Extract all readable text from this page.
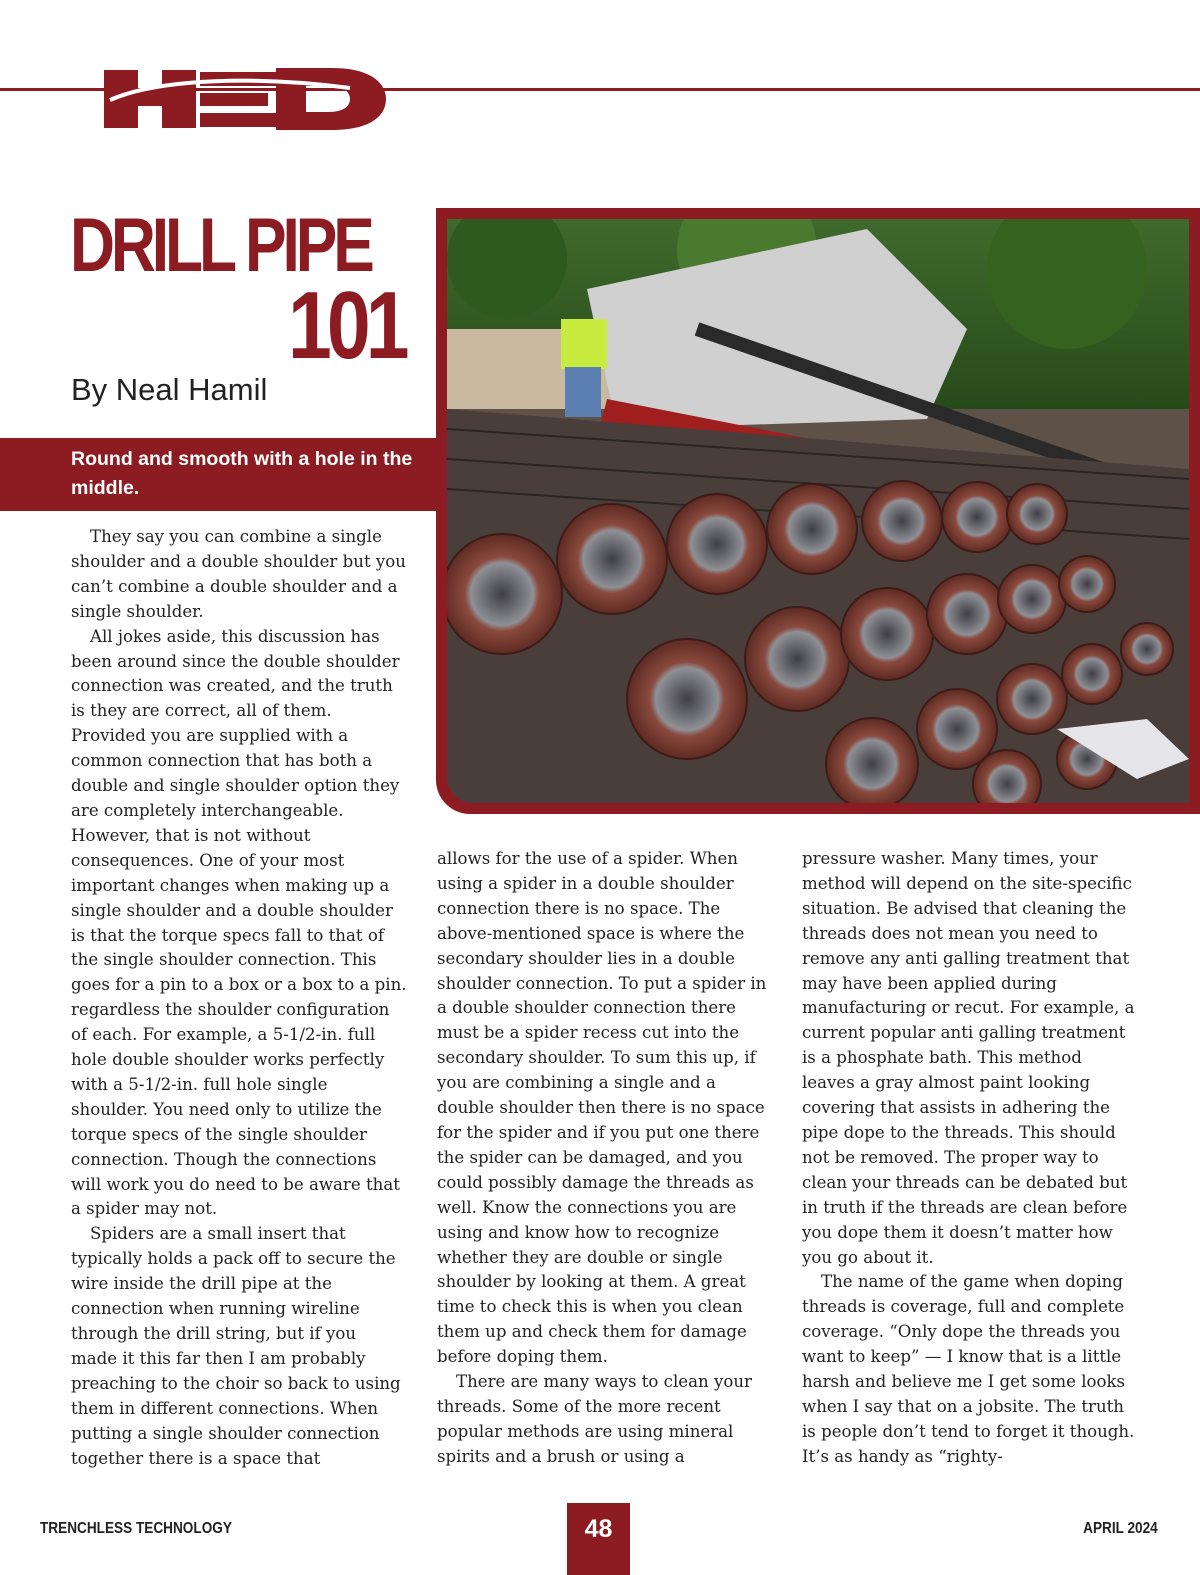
DRILL PIPE
101
By Neal Hamil
Round and smooth with a hole in the middle.

They say you can combine a single shoulder and a double shoulder but you can’t combine a double shoulder and a single shoulder.

All jokes aside, this discussion has been around since the double shoulder connection was created, and the truth is they are correct, all of them. Provided you are supplied with a common connection that has both a double and single shoulder option they are completely interchangeable. However, that is not without consequences. One of your most important changes when making up a single shoulder and a double shoulder is that the torque specs fall to that of the single shoulder connection. This goes for a pin to a box or a box to a pin. regardless the shoulder configuration of each. For example, a 5-1/2-in. full hole double shoulder works perfectly with a 5-1/2-in. full hole single shoulder. You need only to utilize the torque specs of the single shoulder connection. Though the connections will work you do need to be aware that a spider may not.

Spiders are a small insert that typically holds a pack off to secure the wire inside the drill pipe at the connection when running wireline through the drill string, but if you made it this far then I am probably preaching to the choir so back to using them in different connections. When putting a single shoulder connection together there is a space that

allows for the use of a spider. When using a spider in a double shoulder connection there is no space. The above-mentioned space is where the secondary shoulder lies in a double shoulder connection. To put a spider in a double shoulder connection there must be a spider recess cut into the secondary shoulder. To sum this up, if you are combining a single and a double shoulder then there is no space for the spider and if you put one there the spider can be damaged, and you could possibly damage the threads as well. Know the connections you are using and know how to recognize whether they are double or single shoulder by looking at them. A great time to check this is when you clean them up and check them for damage before doping them.

There are many ways to clean your threads. Some of the more recent popular methods are using mineral spirits and a brush or using a

pressure washer. Many times, your method will depend on the site-specific situation. Be advised that cleaning the threads does not mean you need to remove any anti galling treatment that may have been applied during manufacturing or recut. For example, a current popular anti galling treatment is a phosphate bath. This method leaves a gray almost paint looking covering that assists in adhering the pipe dope to the threads. This should not be removed. The proper way to clean your threads can be debated but in truth if the threads are clean before you dope them it doesn’t matter how you go about it.

The name of the game when doping threads is coverage, full and complete coverage. “Only dope the threads you want to keep” — I know that is a little harsh and believe me I get some looks when I say that on a jobsite. The truth is people don’t tend to forget it though. It’s as handy as “righty-

TRENCHLESS TECHNOLOGY	48	APRIL 2024
